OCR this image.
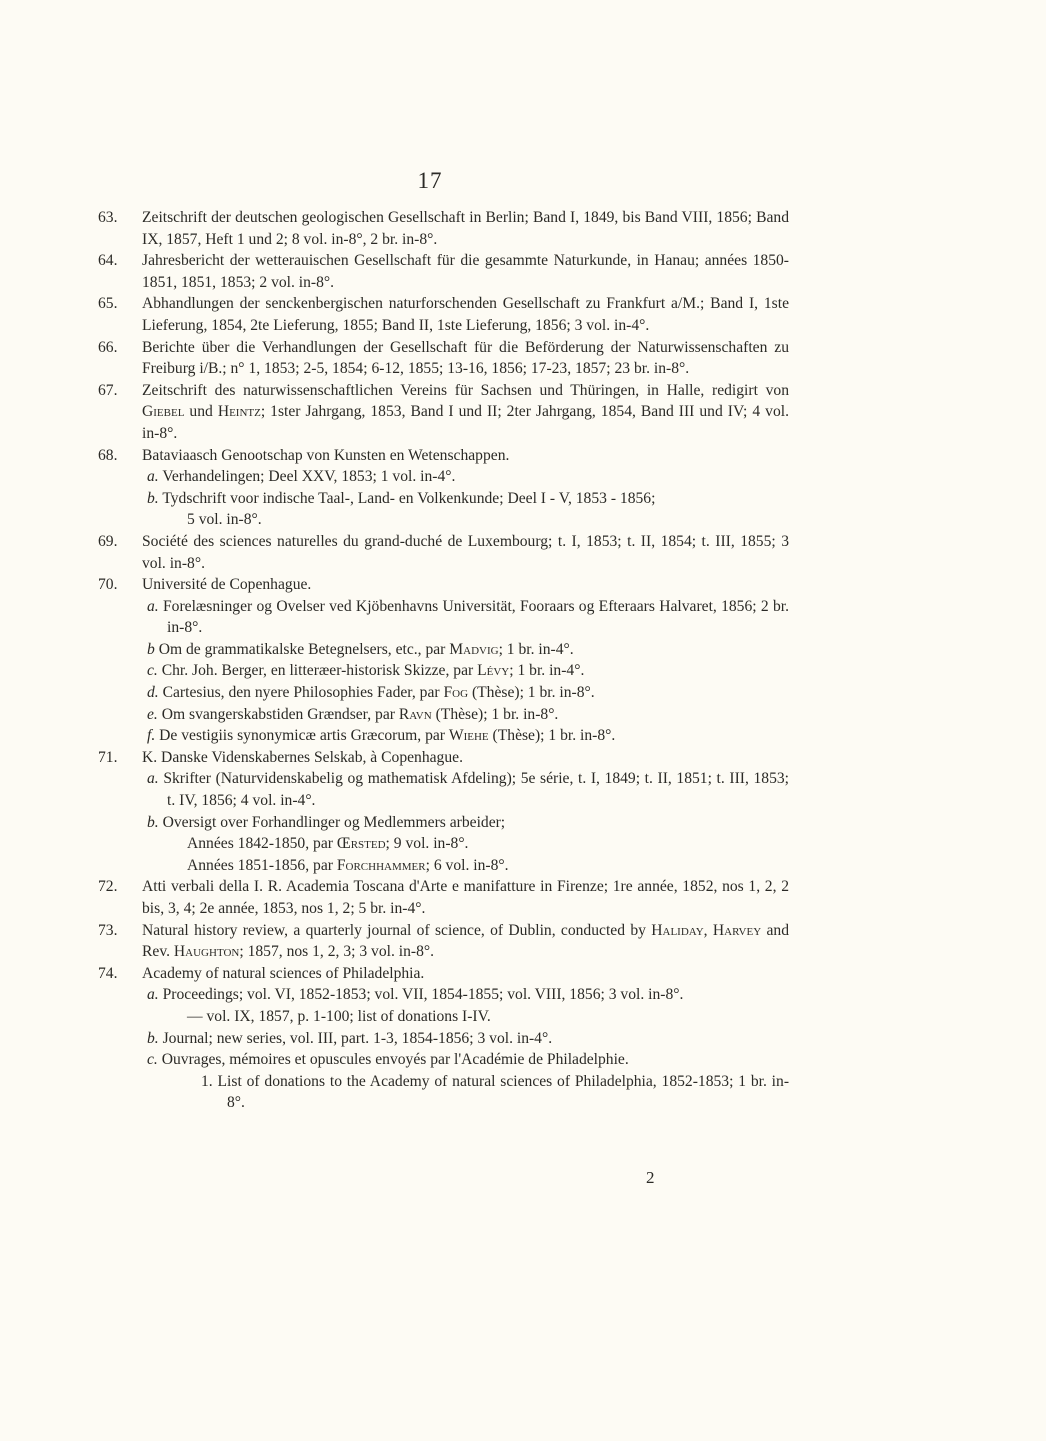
17
63.	Zeitschrift der deutschen geologischen Gesellschaft in Berlin; Band I, 1849, bis Band VIII, 1856; Band IX, 1857, Heft 1 und 2; 8 vol. in-8°, 2 br. in-8°.
64.	Jahresbericht der wetterauischen Gesellschaft für die gesammte Naturkunde, in Hanau; années 1850-1851, 1851, 1853; 2 vol. in-8°.
65.	Abhandlungen der senckenbergischen naturforschenden Gesellschaft zu Frankfurt a/M.; Band I, 1ste Lieferung, 1854, 2te Lieferung, 1855; Band II, 1ste Lieferung, 1856; 3 vol. in-4°.
66.	Berichte über die Verhandlungen der Gesellschaft für die Beförderung der Naturwissenschaften zu Freiburg i/B.; n° 1, 1853; 2-5, 1854; 6-12, 1855; 13-16, 1856; 17-23, 1857; 23 br. in-8°.
67.	Zeitschrift des naturwissenschaftlichen Vereins für Sachsen und Thüringen, in Halle, redigirt von Giebel und Heintz; 1ster Jahrgang, 1853, Band I und II; 2ter Jahrgang, 1854, Band III und IV; 4 vol. in-8°.
68.	Bataviaasch Genootschap von Kunsten en Wetenschappen.
a. Verhandelingen; Deel XXV, 1853; 1 vol. in-4°.
b. Tydschrift voor indische Taal-, Land- en Volkenkunde; Deel I - V, 1853 - 1856;
5 vol. in-8°.
69.	Société des sciences naturelles du grand-duché de Luxembourg; t. I, 1853; t. II, 1854; t. III, 1855; 3 vol. in-8°.
70.	Université de Copenhague.
a. Forelæsninger og Ovelser ved Kjöbenhavns Universität, Fooraars og Efteraars Halvaret, 1856; 2 br. in-8°.
b Om de grammatikalske Betegnelsers, etc., par Madvig; 1 br. in-4°.
c. Chr. Joh. Berger, en litteræer-historisk Skizze, par Lévy; 1 br. in-4°.
d. Cartesius, den nyere Philosophies Fader, par Fog (Thèse); 1 br. in-8°.
e. Om svangerskabstiden Grændser, par Ravn (Thèse); 1 br. in-8°.
f. De vestigiis synonymicæ artis Græcorum, par Wiehe (Thèse); 1 br. in-8°.
71.	K. Danske Videnskabernes Selskab, à Copenhague.
a. Skrifter (Naturvidenskabelig og mathematisk Afdeling); 5e série, t. I, 1849; t. II, 1851; t. III, 1853; t. IV, 1856; 4 vol. in-4°.
b. Oversigt over Forhandlinger og Medlemmers arbeider;
Années 1842-1850, par Œrsted; 9 vol. in-8°.
Années 1851-1856, par Forchhammer; 6 vol. in-8°.
72.	Atti verbali della I. R. Academia Toscana d'Arte e manifatture in Firenze; 1re année, 1852, nos 1, 2, 2 bis, 3, 4; 2e année, 1853, nos 1, 2; 5 br. in-4°.
73.	Natural history review, a quarterly journal of science, of Dublin, conducted by Haliday, Harvey and Rev. Haughton; 1857, nos 1, 2, 3; 3 vol. in-8°.
74.	Academy of natural sciences of Philadelphia.
a. Proceedings; vol. VI, 1852-1853; vol. VII, 1854-1855; vol. VIII, 1856; 3 vol. in-8°.
— vol. IX, 1857, p. 1-100; list of donations I-IV.
b. Journal; new series, vol. III, part. 1-3, 1854-1856; 3 vol. in-4°.
c. Ouvrages, mémoires et opuscules envoyés par l'Académie de Philadelphie.
1. List of donations to the Academy of natural sciences of Philadelphia, 1852-1853; 1 br. in-8°.
2
